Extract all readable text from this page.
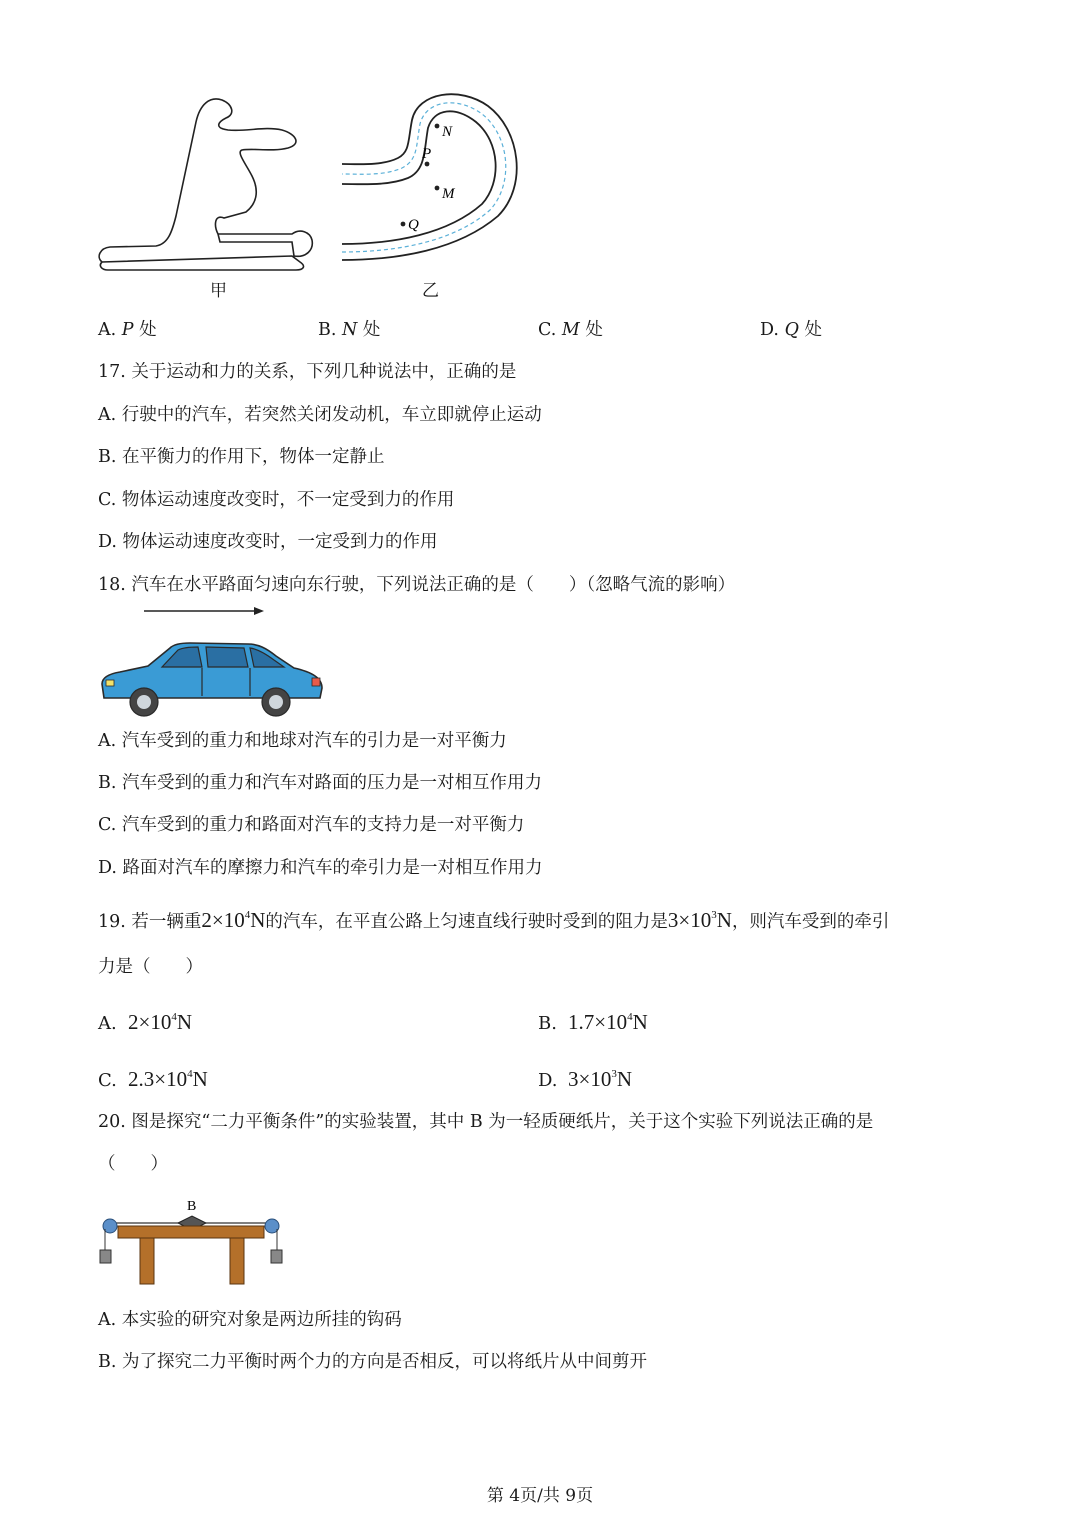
甲
N
P
M
Q
乙
A. P 处	B. N 处	C. M 处	D. Q 处
17. 关于运动和力的关系，下列几种说法中，正确的是
A. 行驶中的汽车，若突然关闭发动机，车立即就停止运动
B. 在平衡力的作用下，物体一定静止
C. 物体运动速度改变时，不一定受到力的作用
D. 物体运动速度改变时，一定受到力的作用
18. 汽车在水平路面匀速向东行驶，下列说法正确的是（　　）（忽略气流的影响）
A. 汽车受到的重力和地球对汽车的引力是一对平衡力
B. 汽车受到的重力和汽车对路面的压力是一对相互作用力
C. 汽车受到的重力和路面对汽车的支持力是一对平衡力
D. 路面对汽车的摩擦力和汽车的牵引力是一对相互作用力
19. 若一辆重$2\times 10^4N$的汽车，在平直公路上匀速直线行驶时受到的阻力是$3\times 10^3N$，则汽车受到的牵引
力是（　　）
A. $2\times 10^4N$	B. $1.7\times 10^4N$
C. $2.3\times 10^4N$	D. $3\times 10^3N$
20. 图是探究“二力平衡条件”的实验装置，其中 B 为一轻质硬纸片，关于这个实验下列说法正确的是
（　　）
B
A. 本实验的研究对象是两边所挂的钩码
B. 为了探究二力平衡时两个力的方向是否相反，可以将纸片从中间剪开
第 4页/共 9页
